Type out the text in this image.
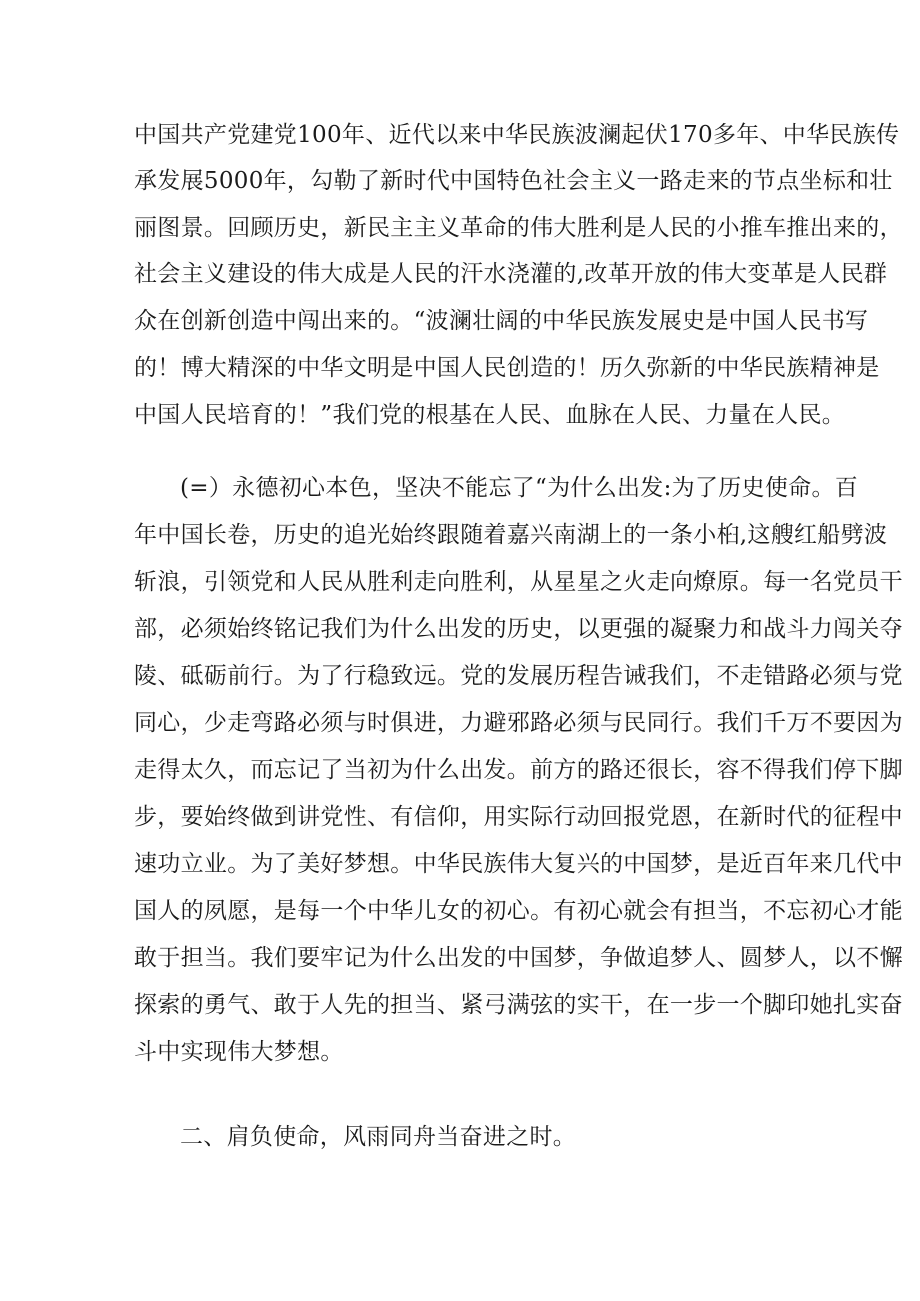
中国共产党建党100年、近代以来中华民族波澜起伏170多年、中华民族传
承发展5000年，勾勒了新时代中国特色社会主义一路走来的节点坐标和壮
丽图景。回顾历史，新民主主义革命的伟大胜利是人民的小推车推出来的，
社会主义建设的伟大成是人民的汗水浇灌的,改革开放的伟大变革是人民群
众在创新创造中闯出来的。“波澜壮阔的中华民族发展史是中国人民书写
的！博大精深的中华文明是中国人民创造的！历久弥新的中华民族精神是
中国人民培育的！”我们党的根基在人民、血脉在人民、力量在人民。
(=）永德初心本色，坚决不能忘了“为什么出发:为了历史使命。百
年中国长卷，历史的追光始终跟随着嘉兴南湖上的一条小桕,这艘红船劈波
斩浪，引领党和人民从胜利走向胜利，从星星之火走向燎原。每一名党员干
部，必须始终铭记我们为什么出发的历史，以更强的凝聚力和战斗力闯关夺
陵、砥砺前行。为了行稳致远。党的发展历程告诫我们，不走错路必须与党
同心，少走弯路必须与时俱进，力避邪路必须与民同行。我们千万不要因为
走得太久，而忘记了当初为什么出发。前方的路还很长，容不得我们停下脚
步，要始终做到讲党性、有信仰，用实际行动回报党恩，在新时代的征程中
速功立业。为了美好梦想。中华民族伟大复兴的中国梦，是近百年来几代中
国人的夙愿，是每一个中华儿女的初心。有初心就会有担当，不忘初心才能
敢于担当。我们要牢记为什么出发的中国梦，争做追梦人、圆梦人，以不懈
探索的勇气、敢于人先的担当、紧弓满弦的实干，在一步一个脚印她扎实奋
斗中实现伟大梦想。
二、肩负使命，风雨同舟当奋进之时。
